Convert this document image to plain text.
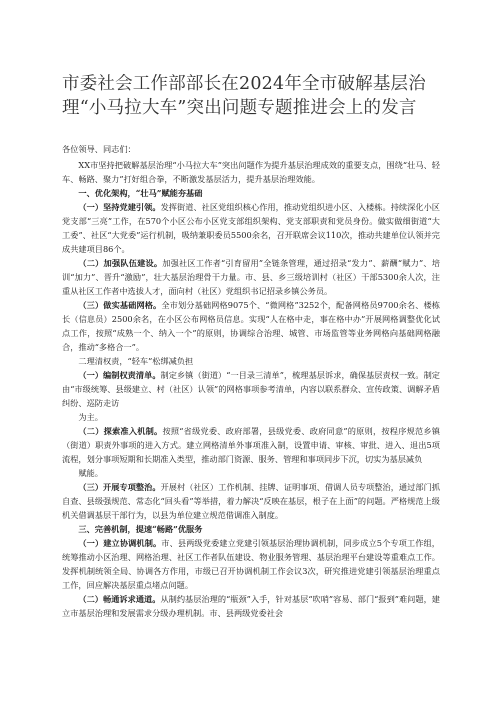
市委社会工作部部长在2024年全市破解基层治理“小马拉大车”突出问题专题推进会上的发言

各位领导、同志们：

XX市坚持把破解基层治理“小马拉大车”突出问题作为提升基层治理成效的重要支点，围绕“壮马、轻车、畅路、聚力”打好组合拳，不断激发基层活力，提升基层治理效能。

一、优化架构，“壮马”赋能夯基础

（一）坚持党建引领。发挥街道、社区党组织核心作用，推动党组织进小区、入楼栋。持续深化小区党支部“三亮”工作，在570个小区公布小区党支部组织架构、党支部职责和党员身份。做实做细街道“大工委”、社区“大党委”运行机制，吸纳兼职委员5500余名，召开联席会议110次，推动共建单位认领并完成共建项目86个。

（二）加强队伍建设。加强社区工作者“引育留用”全链条管理，通过招录“发力”、薪酬“赋力”、培训“加力”、晋升“激励”，壮大基层治理骨干力量。市、县、乡三级培训村（社区）干部5300余人次，注重从社区工作者中选拔人才，面向村（社区）党组织书记招录乡镇公务员。

（三）做实基础网格。全市划分基础网格9075个、“微网格”3252个，配备网格员9700余名、楼栋长（信息员）2500余名，在小区公布网格员信息。实现“人在格中走，事在格中办”开展网格调整优化试点工作，按照“成熟一个、纳入一个”的原则，协调综合治理、城管、市场监管等业务网格向基础网格融合，推动“多格合一”。

二理清权责，“轻车”松绑减负担

（一）编制权责清单。制定乡镇（街道）“一目录三清单”，梳理基层诉求，确保基层责权一致。制定由“市级统筹、县级建立、村（社区）认领”的网格事项参考清单，内容以联系群众、宣传政策、调解矛盾纠纷、巡防走访

为主。

（二）探索准入机制。按照“省级党委、政府部署，县级党委、政府同意”的原则，按程序规范乡镇（街道）职责外事项的进入方式。建立网格清单外事项准入制，设置申请、审核、审批、进入、退出5项流程，划分事项短期和长期准入类型，推动部门资源、服务、管理和事项同步下沉，切实为基层减负

赋能。

（三）开展专项整治。开展村（社区）工作机制、挂牌、证明事项、借调人员专项整治，通过部门抓自查、县级强规范、常态化“回头看”等举措，着力解决“反映在基层，根子在上面”的问题。严格规范上级机关借调基层干部行为，以县为单位建立规范借调准入制度。

三、完善机制，提速“畅路”优服务

（一）建立协调机制。市、县两级党委建立党建引领基层治理协调机制，同步成立5个专项工作组，统筹推动小区治理、网格治理、社区工作者队伍建设、物业服务管理、基层治理平台建设等重难点工作。发挥机制统领全局、协调各方作用，市级已召开协调机制工作会议3次，研究推进党建引领基层治理重点工作，回应解决基层重点堵点问题。

（二）畅通诉求通道。从制约基层治理的“瓶颈”入手，针对基层“吹哨”容易、部门“报到”难问题，建立市基层治理和发展需求分级办理机制。市、县两级党委社会
